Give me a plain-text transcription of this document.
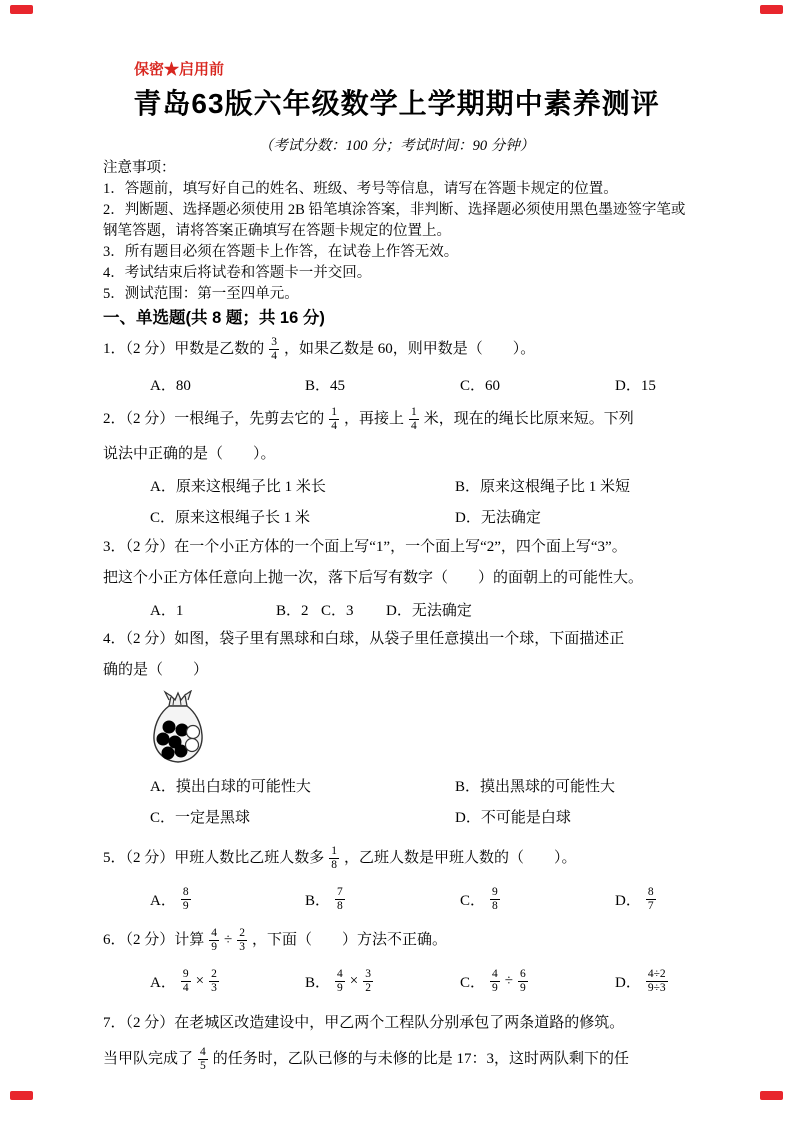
保密★启用前
青岛63版六年级数学上学期期中素养测评
（考试分数：100 分；考试时间：90 分钟）
注意事项：
1．答题前，填写好自己的姓名、班级、考号等信息，请写在答题卡规定的位置。
2．判断题、选择题必须使用 2B 铅笔填涂答案，非判断、选择题必须使用黑色墨迹签字笔或钢笔答题，请将答案正确填写在答题卡规定的位置上。
3．所有题目必须在答题卡上作答，在试卷上作答无效。
4．考试结束后将试卷和答题卡一并交回。
5．测试范围：第一至四单元。
一、单选题(共 8 题；共 16 分)
1．（2 分）甲数是乙数的 $\frac{3}{4}$ ，如果乙数是 60，则甲数是（　　）。
A．80	B．45	C．60	D．15
2．（2 分）一根绳子，先剪去它的 $\frac{1}{4}$ ，再接上 $\frac{1}{4}$ 米，现在的绳长比原来短。下列
说法中正确的是（　　）。
A．原来这根绳子比 1 米长	B．原来这根绳子比 1 米短
C．原来这根绳子长 1 米	D．无法确定
3．（2 分）在一个小正方体的一个面上写“1”，一个面上写“2”，四个面上写“3”。
把这个小正方体任意向上抛一次，落下后写有数字（　　）的面朝上的可能性大。
A．1	B．2 C．3	D．无法确定
4．（2 分）如图，袋子里有黑球和白球，从袋子里任意摸出一个球，下面描述正
确的是（　　）
A．摸出白球的可能性大	B．摸出黑球的可能性大
C．一定是黑球	D．不可能是白球
5．（2 分）甲班人数比乙班人数多 $\frac{1}{8}$ ，乙班人数是甲班人数的（　　）。
A． $\frac{8}{9}$	B． $\frac{7}{8}$	C． $\frac{9}{8}$	D． $\frac{8}{7}$
6．（2 分）计算 $\frac{4}{9} \div \frac{2}{3}$ ，下面（　　）方法不正确。
A． $\frac{9}{4} \times \frac{2}{3}$	B． $\frac{4}{9} \times \frac{3}{2}$	C． $\frac{4}{9} \div \frac{6}{9}$	D． $\frac{4\div 2}{9\div 3}$
7．（2 分）在老城区改造建设中，甲乙两个工程队分别承包了两条道路的修筑。
当甲队完成了 $\frac{4}{5}$ 的任务时，乙队已修的与未修的比是 17：3，这时两队剩下的任
